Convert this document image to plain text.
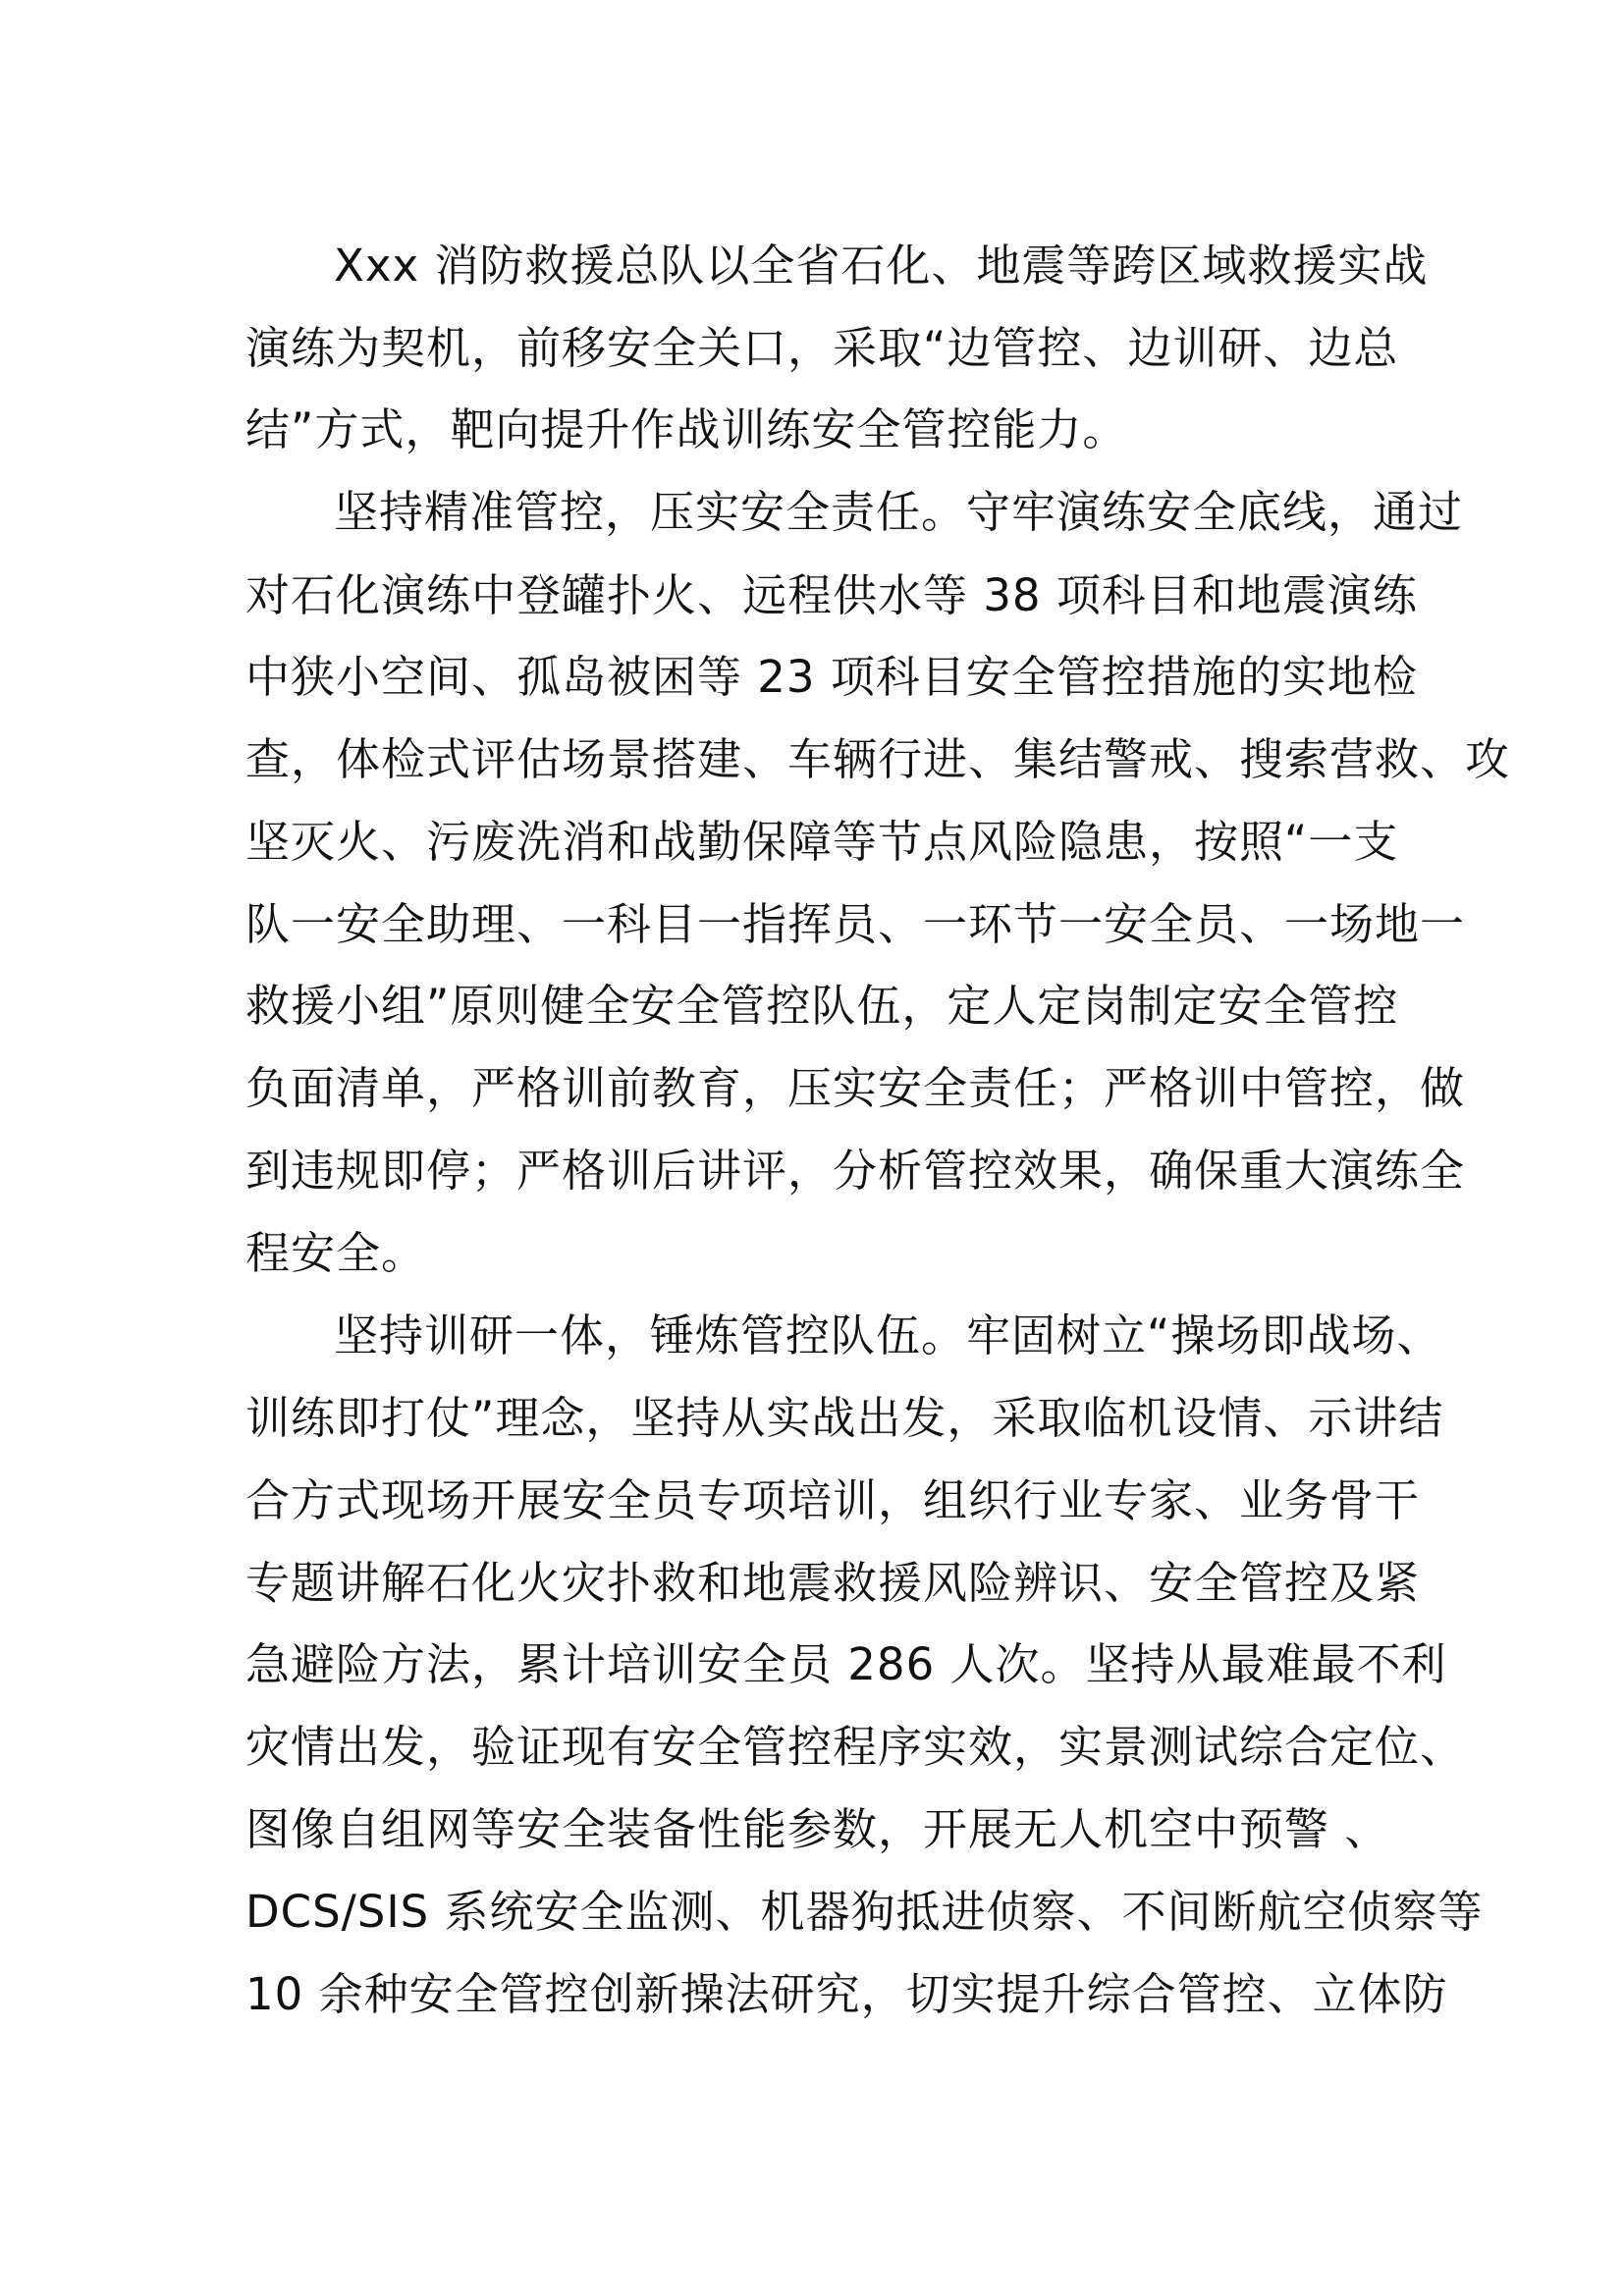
Xxx 消防救援总队以全省石化、地震等跨区域救援实战
演练为契机，前移安全关口，采取“边管控、边训研、边总
结”方式，靶向提升作战训练安全管控能力。
坚持精准管控，压实安全责任。守牢演练安全底线，通过
对石化演练中登罐扑火、远程供水等 38 项科目和地震演练
中狭小空间、孤岛被困等 23 项科目安全管控措施的实地检
查，体检式评估场景搭建、车辆行进、集结警戒、搜索营救、攻
坚灭火、污废洗消和战勤保障等节点风险隐患，按照“一支
队一安全助理、一科目一指挥员、一环节一安全员、一场地一
救援小组”原则健全安全管控队伍，定人定岗制定安全管控
负面清单，严格训前教育，压实安全责任；严格训中管控，做
到违规即停；严格训后讲评，分析管控效果，确保重大演练全
程安全。
坚持训研一体，锤炼管控队伍。牢固树立“操场即战场、
训练即打仗”理念，坚持从实战出发，采取临机设情、示讲结
合方式现场开展安全员专项培训，组织行业专家、业务骨干
专题讲解石化火灾扑救和地震救援风险辨识、安全管控及紧
急避险方法，累计培训安全员 286 人次。坚持从最难最不利
灾情出发，验证现有安全管控程序实效，实景测试综合定位、
图像自组网等安全装备性能参数，开展无人机空中预警 、
DCS/SIS 系统安全监测、机器狗抵进侦察、不间断航空侦察等
10 余种安全管控创新操法研究，切实提升综合管控、立体防
